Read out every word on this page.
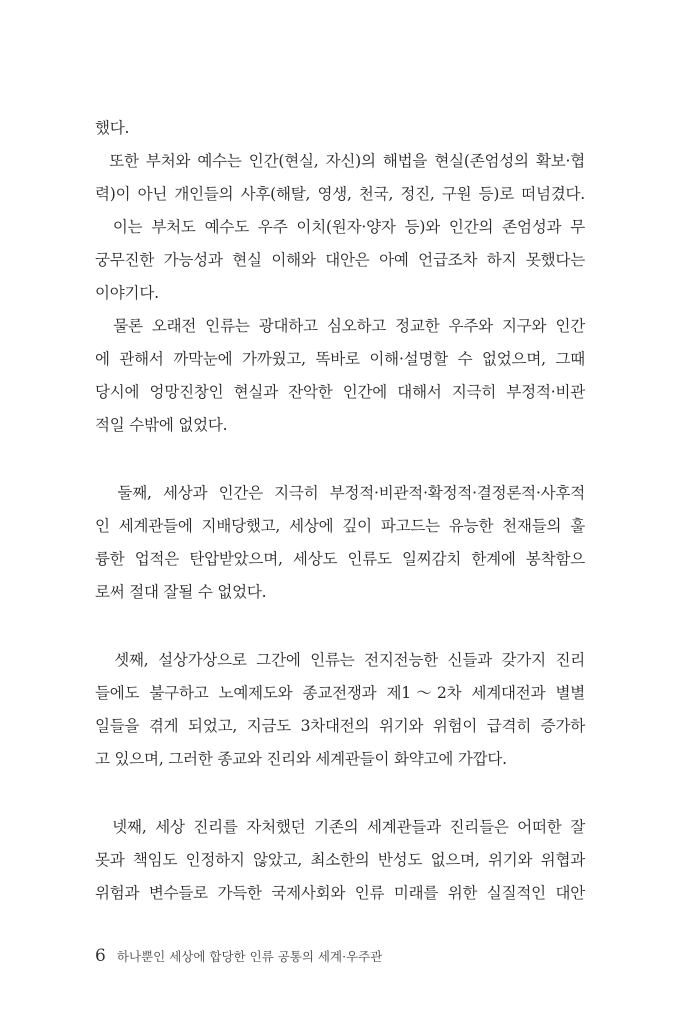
했다.
또한 부처와 예수는 인간(현실, 자신)의 해법을 현실(존엄성의 확보·협
력)이 아닌 개인들의 사후(해탈, 영생, 천국, 정진, 구원 등)로 떠넘겼다.
이는 부처도 예수도 우주 이치(원자·양자 등)와 인간의 존엄성과 무
궁무진한 가능성과 현실 이해와 대안은 아예 언급조차 하지 못했다는
이야기다.
물론 오래전 인류는 광대하고 심오하고 정교한 우주와 지구와 인간
에 관해서 까막눈에 가까웠고, 똑바로 이해·설명할 수 없었으며, 그때
당시에 엉망진창인 현실과 잔악한 인간에 대해서 지극히 부정적·비관
적일 수밖에 없었다.
둘째, 세상과 인간은 지극히 부정적·비관적·확정적·결정론적·사후적
인 세계관들에 지배당했고, 세상에 깊이 파고드는 유능한 천재들의 훌
륭한 업적은 탄압받았으며, 세상도 인류도 일찌감치 한계에 봉착함으
로써 절대 잘될 수 없었다.
셋째, 설상가상으로 그간에 인류는 전지전능한 신들과 갖가지 진리
들에도 불구하고 노예제도와 종교전쟁과 제1～2차 세계대전과 별별
일들을 겪게 되었고, 지금도 3차대전의 위기와 위험이 급격히 증가하
고 있으며, 그러한 종교와 진리와 세계관들이 화약고에 가깝다.
넷째, 세상 진리를 자처했던 기존의 세계관들과 진리들은 어떠한 잘
못과 책임도 인정하지 않았고, 최소한의 반성도 없으며, 위기와 위협과
위험과 변수들로 가득한 국제사회와 인류 미래를 위한 실질적인 대안
6 하나뿐인 세상에 합당한 인류 공통의 세계·우주관
